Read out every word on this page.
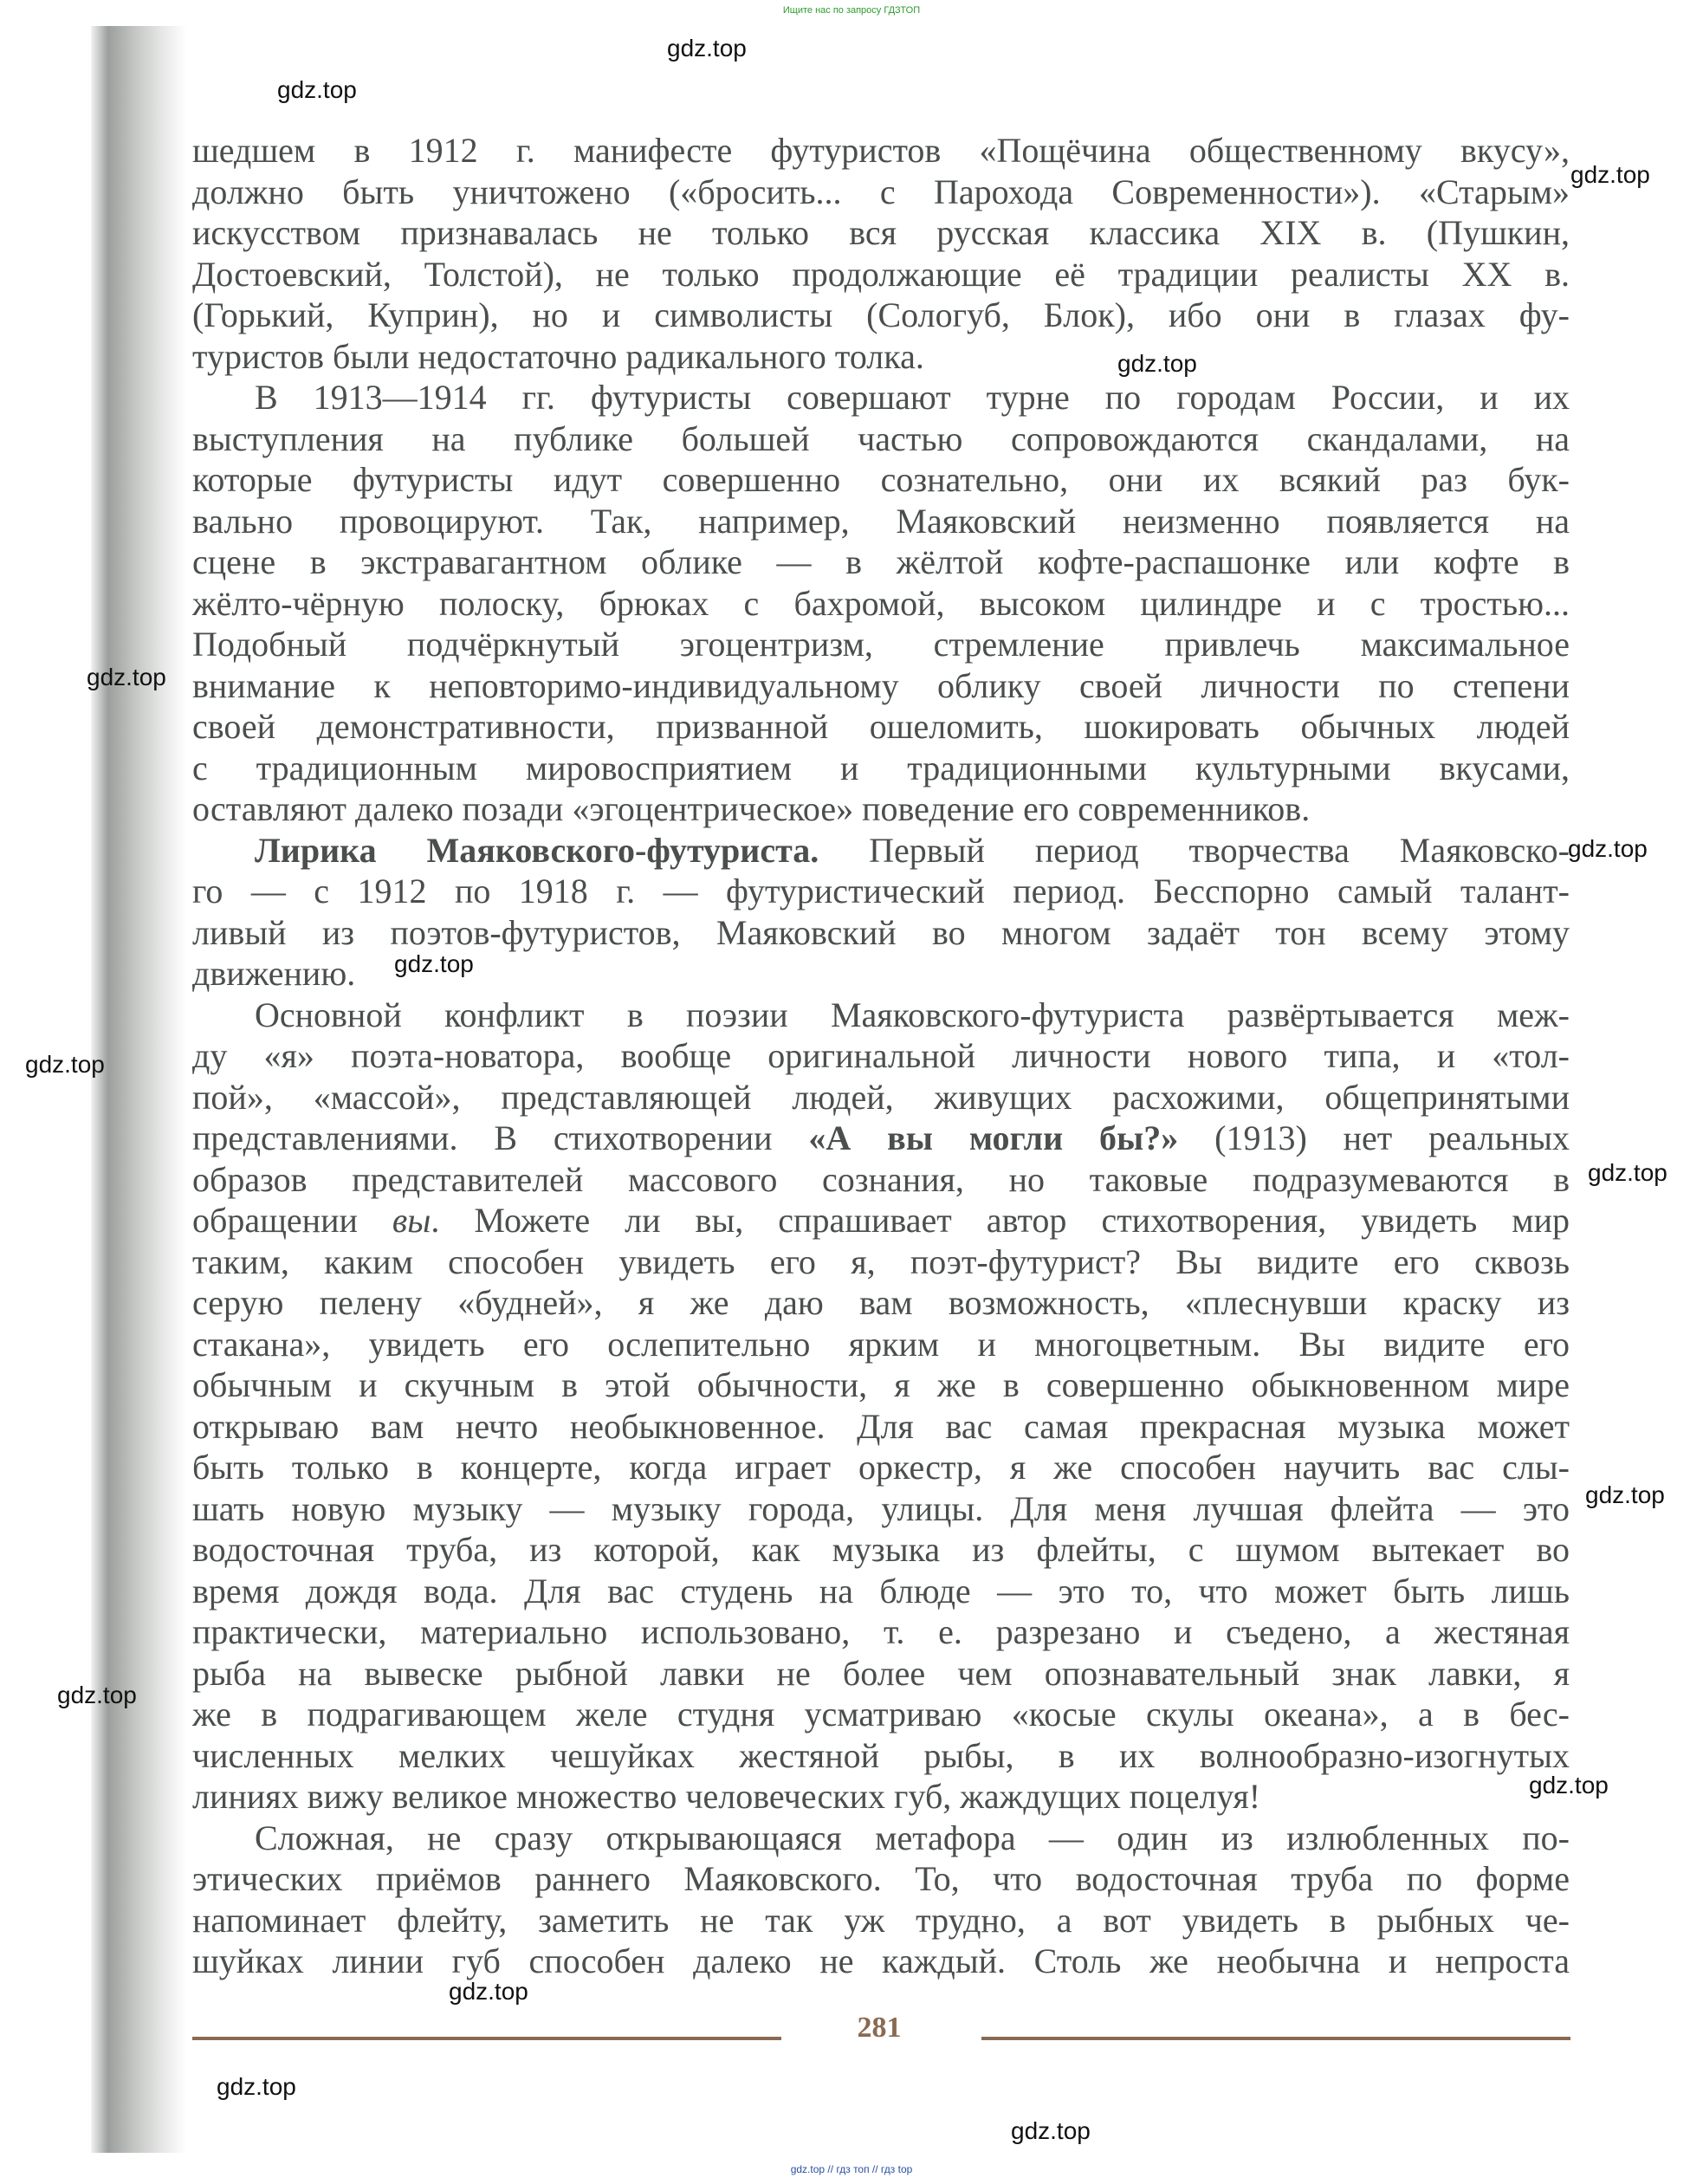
Ищите нас по запросу ГДЗТОП
шедшем в 1912 г. манифесте футуристов «Пощёчина общественному вкусу»,
должно быть уничтожено («бросить... с Парохода Современности»). «Старым»
искусством признавалась не только вся русская классика XIX в. (Пушкин,
Достоевский, Толстой), не только продолжающие её традиции реалисты XX в.
(Горький, Куприн), но и символисты (Сологуб, Блок), ибо они в глазах фу-
туристов были недостаточно радикального толка.
В 1913—1914 гг. футуристы совершают турне по городам России, и их
выступления на публике большей частью сопровождаются скандалами, на
которые футуристы идут совершенно сознательно, они их всякий раз бук-
вально провоцируют. Так, например, Маяковский неизменно появляется на
сцене в экстравагантном облике — в жёлтой кофте-распашонке или кофте в
жёлто-чёрную полоску, брюках с бахромой, высоком цилиндре и с тростью...
Подобный подчёркнутый эгоцентризм, стремление привлечь максимальное
внимание к неповторимо-индивидуальному облику своей личности по степени
своей демонстративности, призванной ошеломить, шокировать обычных людей
с традиционным мировосприятием и традиционными культурными вкусами,
оставляют далеко позади «эгоцентрическое» поведение его современников.
Лирика Маяковского-футуриста. Первый период творчества Маяковско-
го — с 1912 по 1918 г. — футуристический период. Бесспорно самый талант-
ливый из поэтов-футуристов, Маяковский во многом задаёт тон всему этому
движению.
Основной конфликт в поэзии Маяковского-футуриста развёртывается меж-
ду «я» поэта-новатора, вообще оригинальной личности нового типа, и «тол-
пой», «массой», представляющей людей, живущих расхожими, общепринятыми
представлениями. В стихотворении «А вы могли бы?» (1913) нет реальных
образов представителей массового сознания, но таковые подразумеваются в
обращении вы. Можете ли вы, спрашивает автор стихотворения, увидеть мир
таким, каким способен увидеть его я, поэт-футурист? Вы видите его сквозь
серую пелену «будней», я же даю вам возможность, «плеснувши краску из
стакана», увидеть его ослепительно ярким и многоцветным. Вы видите его
обычным и скучным в этой обычности, я же в совершенно обыкновенном мире
открываю вам нечто необыкновенное. Для вас самая прекрасная музыка может
быть только в концерте, когда играет оркестр, я же способен научить вас слы-
шать новую музыку — музыку города, улицы. Для меня лучшая флейта — это
водосточная труба, из которой, как музыка из флейты, с шумом вытекает во
время дождя вода. Для вас студень на блюде — это то, что может быть лишь
практически, материально использовано, т. е. разрезано и съедено, а жестяная
рыба на вывеске рыбной лавки не более чем опознавательный знак лавки, я
же в подрагивающем желе студня усматриваю «косые скулы океана», а в бес-
численных мелких чешуйках жестяной рыбы, в их волнообразно-изогнутых
линиях вижу великое множество человеческих губ, жаждущих поцелуя!
Сложная, не сразу открывающаяся метафора — один из излюбленных по-
этических приёмов раннего Маяковского. То, что водосточная труба по форме
напоминает флейту, заметить не так уж трудно, а вот увидеть в рыбных че-
шуйках линии губ способен далеко не каждый. Столь же необычна и непроста
gdz.top
gdz.top
gdz.top
gdz.top
gdz.top
gdz.top
gdz.top
gdz.top
gdz.top
gdz.top
gdz.top
gdz.top
gdz.top
gdz.top
gdz.top
281
gdz.top // гдз топ // гдз top
